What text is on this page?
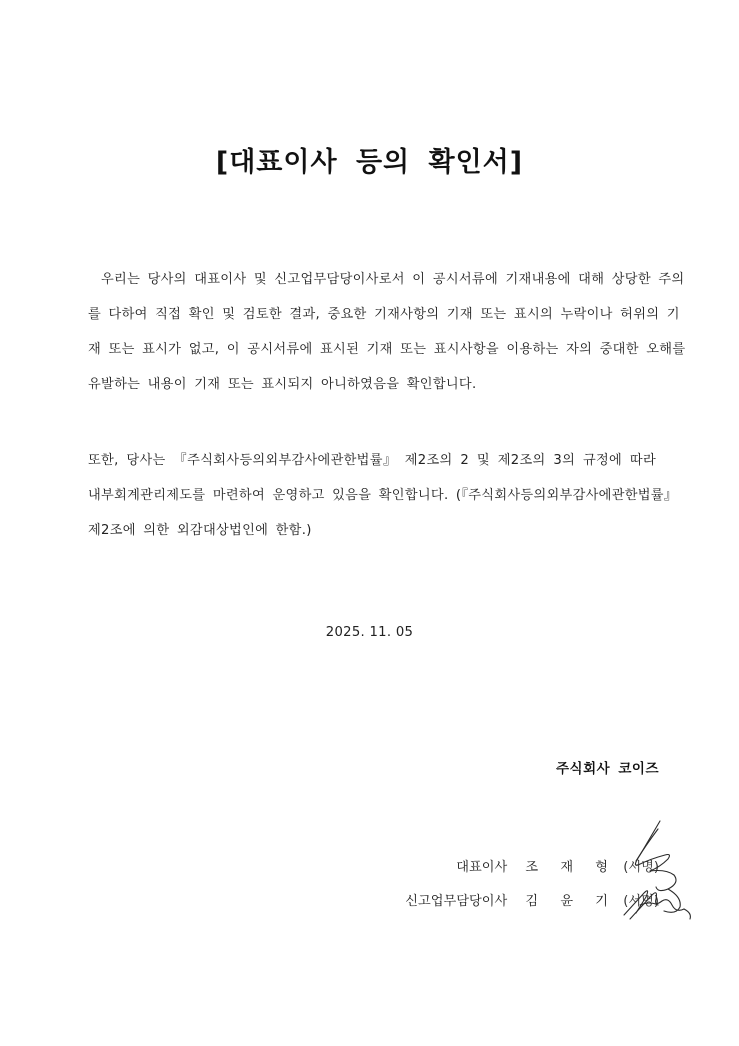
[대표이사 등의 확인서]
우리는 당사의 대표이사 및 신고업무담당이사로서 이 공시서류에 기재내용에 대해 상당한 주의
를 다하여 직접 확인 및 검토한 결과, 중요한 기재사항의 기재 또는 표시의 누락이나 허위의 기
재 또는 표시가 없고, 이 공시서류에 표시된 기재 또는 표시사항을 이용하는 자의 중대한 오해를
유발하는 내용이 기재 또는 표시되지 아니하였음을 확인합니다.
또한, 당사는 『주식회사등의외부감사에관한법률』 제2조의 2 및 제2조의 3의 규정에 따라
내부회계관리제도를 마련하여 운영하고 있음을 확인합니다. (『주식회사등의외부감사에관한법률』
제2조에 의한 외감대상법인에 한함.)
2025. 11. 05
주식회사 코이즈
대표이사 조 재 형 (서명)
신고업무담당이사 김 윤 기 (서명)
